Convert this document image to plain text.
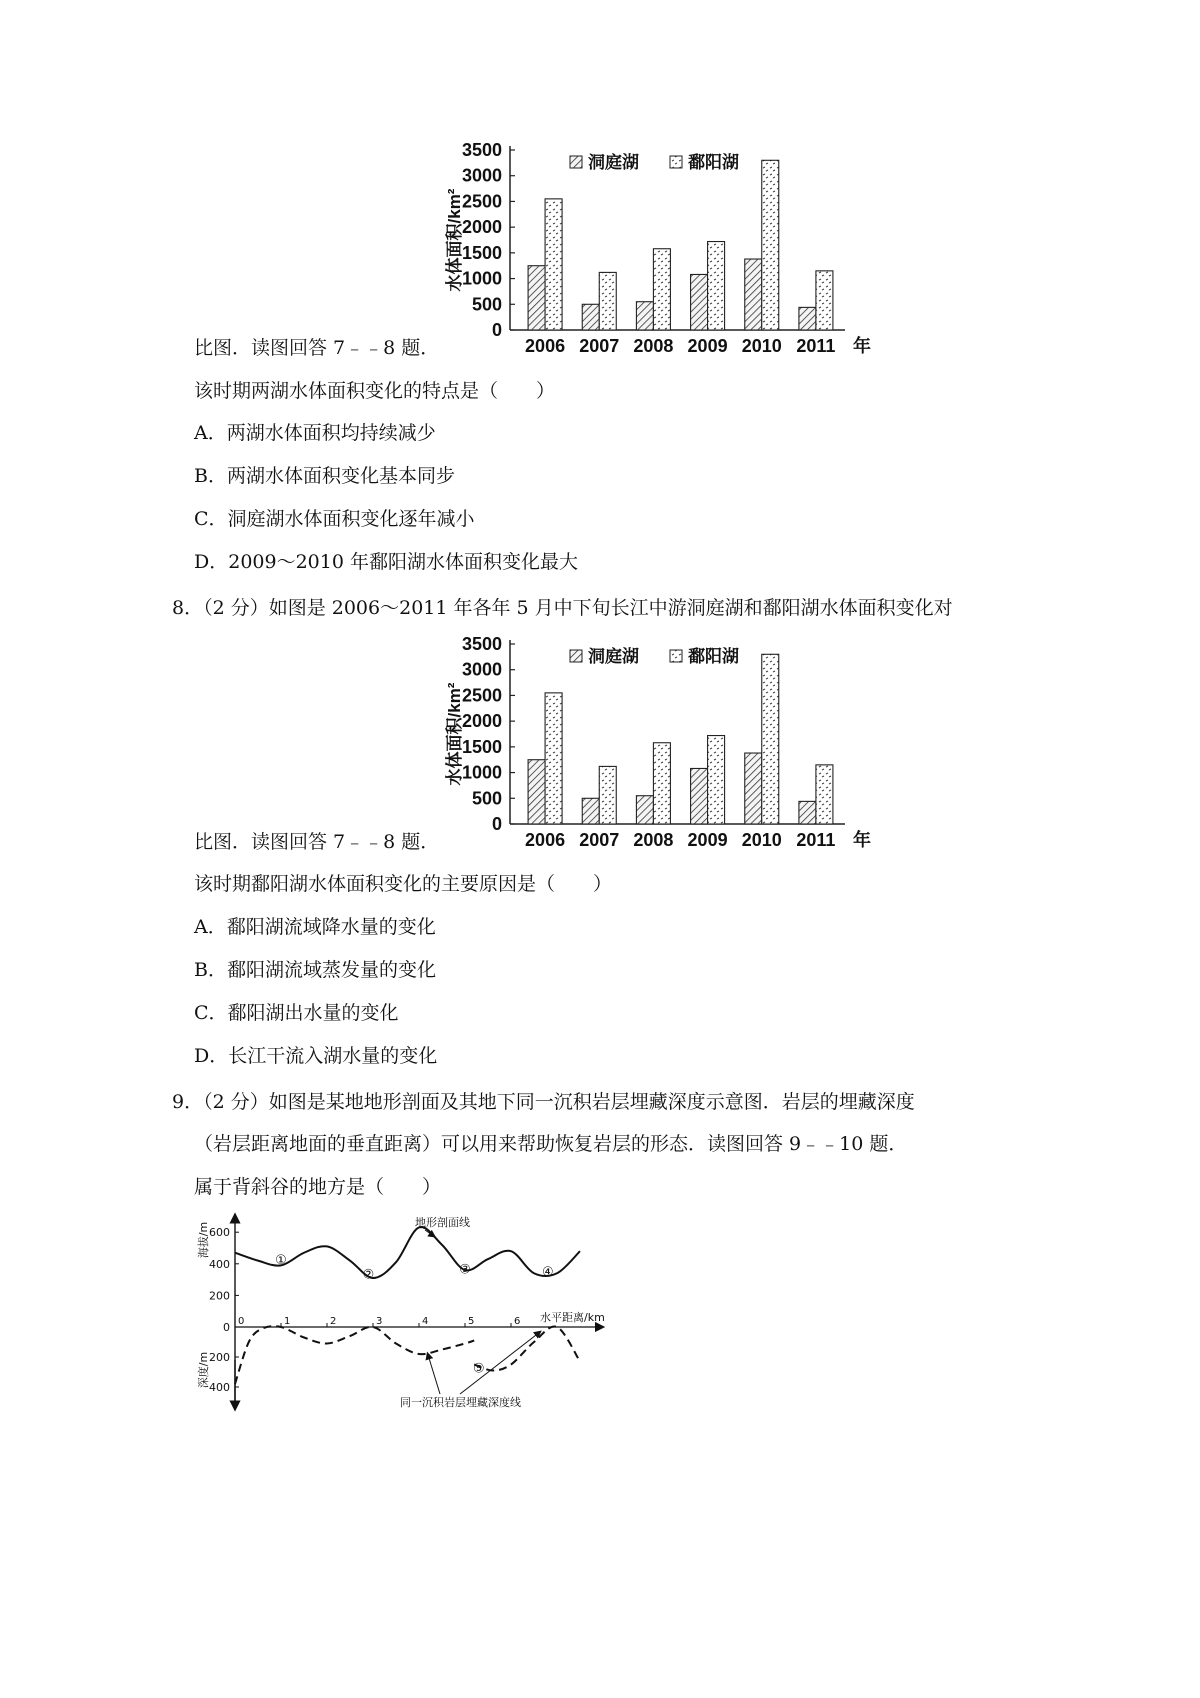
0
500
1000
1500
2000
2500
3000
3500
水体面积/km²
2006 2007 2008 2009 2010 2011 年
洞庭湖	鄱阳湖
比图．读图回答 7﹣﹣8 题．
该时期两湖水体面积变化的特点是（　　）
A．两湖水体面积均持续减少
B．两湖水体面积变化基本同步
C．洞庭湖水体面积变化逐年减小
D．2009～2010 年鄱阳湖水体面积变化最大
8．（2 分）如图是 2006～2011 年各年 5 月中下旬长江中游洞庭湖和鄱阳湖水体面积变化对
0
500
1000
1500
2000
2500
3000
3500
水体面积/km²
2006 2007 2008 2009 2010 2011 年
洞庭湖	鄱阳湖
比图．读图回答 7﹣﹣8 题．
该时期鄱阳湖水体面积变化的主要原因是（　　）
A．鄱阳湖流域降水量的变化
B．鄱阳湖流域蒸发量的变化
C．鄱阳湖出水量的变化
D．长江干流入湖水量的变化
9．（2 分）如图是某地地形剖面及其地下同一沉积岩层埋藏深度示意图．岩层的埋藏深度
（岩层距离地面的垂直距离）可以用来帮助恢复岩层的形态．读图回答 9﹣﹣10 题．
属于背斜谷的地方是（　　）
600
400
200
0
200
400
0	1	2	3	4	5	6
海拔/m
深度/m
水平距离/km
①
②	③	④
⑤
地形剖面线
同一沉积岩层埋藏深度线
